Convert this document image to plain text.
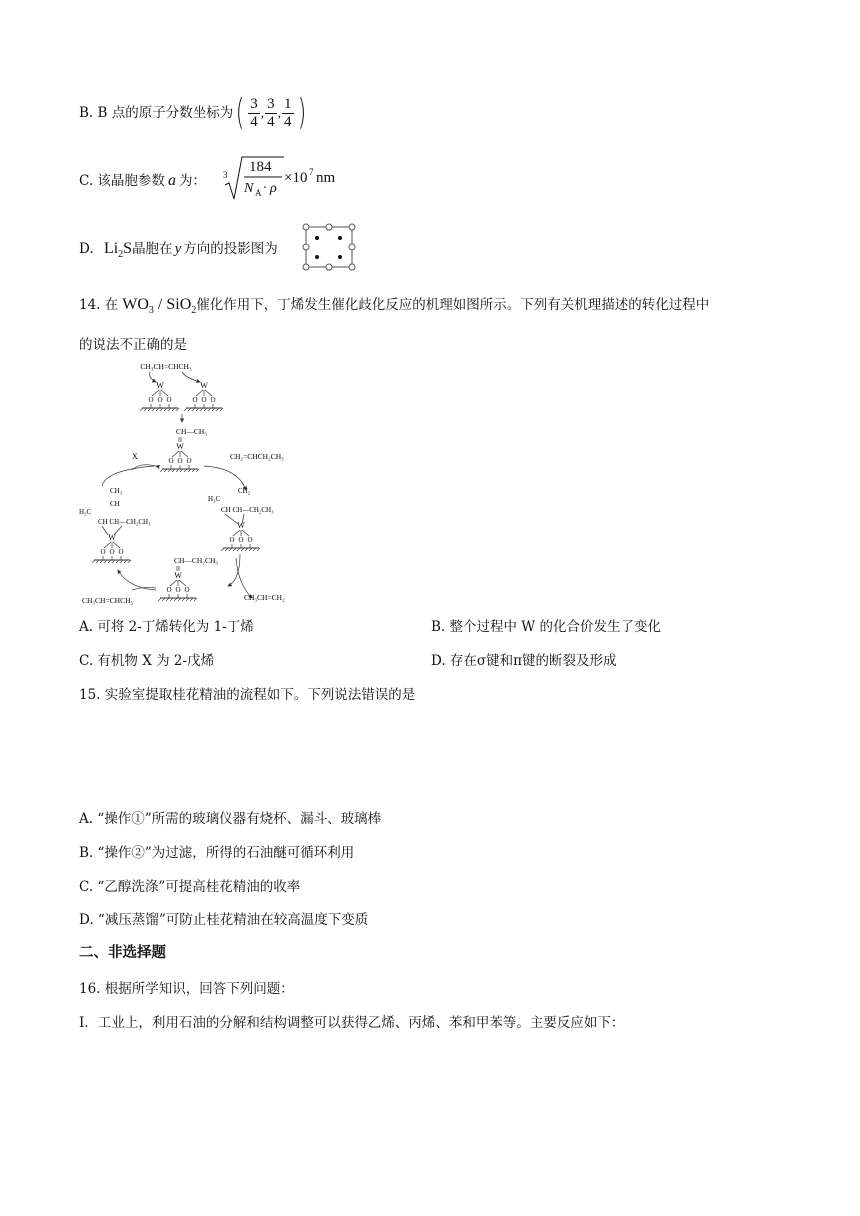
B. B 点的原子分数坐标为( $\frac{3}{4}$ , $\frac{3}{4}$ , $\frac{1}{4}$ )
C. 该晶胞参数 a 为： 3 184
N A · ρ
×10 7 nm
D. $Li_2S$晶胞在 y 方向的投影图为
14. 在 $WO_3 / SiO_2$催化作用下，丁烯发生催化歧化反应的机理如图所示。下列有关机理描述的转化过程中
的说法不正确的是
W
O O O	CH₃CH=CHCH₃
CH—CH₃
CH₂=CHCH₂CH₃
X
CH₃
CH
H₃C
CH CH—CH₂CH₃
CH₂
H₃C
CH CH—CH₂CH₃
CH₃CH=CH₂
CH—CH₂CH₃
CH₃CH=CHCH₃
A. 可将 2-丁烯转化为 1-丁烯	B. 整个过程中 W 的化合价发生了变化
C. 有机物 X 为 2-戊烯	D. 存在σ键和π键的断裂及形成
15. 实验室提取桂花精油的流程如下。下列说法错误的是
A. “操作①”所需的玻璃仪器有烧杯、漏斗、玻璃棒
B. “操作②”为过滤，所得的石油醚可循环利用
C. “乙醇洗涤”可提高桂花精油的收率
D. “减压蒸馏”可防止桂花精油在较高温度下变质
二、非选择题
16. 根据所学知识，回答下列问题：
Ⅰ．工业上，利用石油的分解和结构调整可以获得乙烯、丙烯、苯和甲苯等。主要反应如下：
